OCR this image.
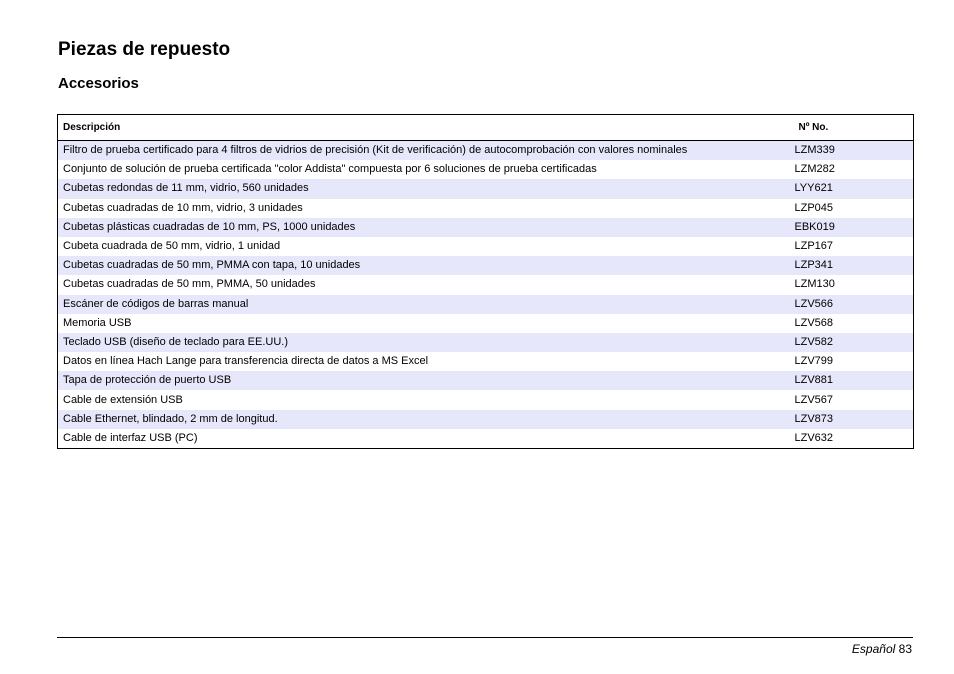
Piezas de repuesto
Accesorios
Descripción	Nº No.
Filtro de prueba certificado para 4 filtros de vidrios de precisión (Kit de verificación) de autocomprobación con valores nominales	LZM339
Conjunto de solución de prueba certificada "color Addista" compuesta por 6 soluciones de prueba certificadas	LZM282
Cubetas redondas de 11 mm, vidrio, 560 unidades	LYY621
Cubetas cuadradas de 10 mm, vidrio, 3 unidades	LZP045
Cubetas plásticas cuadradas de 10 mm, PS, 1000 unidades	EBK019
Cubeta cuadrada de 50 mm, vidrio, 1 unidad	LZP167
Cubetas cuadradas de 50 mm, PMMA con tapa, 10 unidades	LZP341
Cubetas cuadradas de 50 mm, PMMA, 50 unidades	LZM130
Escáner de códigos de barras manual	LZV566
Memoria USB	LZV568
Teclado USB (diseño de teclado para EE.UU.)	LZV582
Datos en línea Hach Lange para transferencia directa de datos a MS Excel	LZV799
Tapa de protección de puerto USB	LZV881
Cable de extensión USB	LZV567
Cable Ethernet, blindado, 2 mm de longitud.	LZV873
Cable de interfaz USB (PC)	LZV632
Español 83
